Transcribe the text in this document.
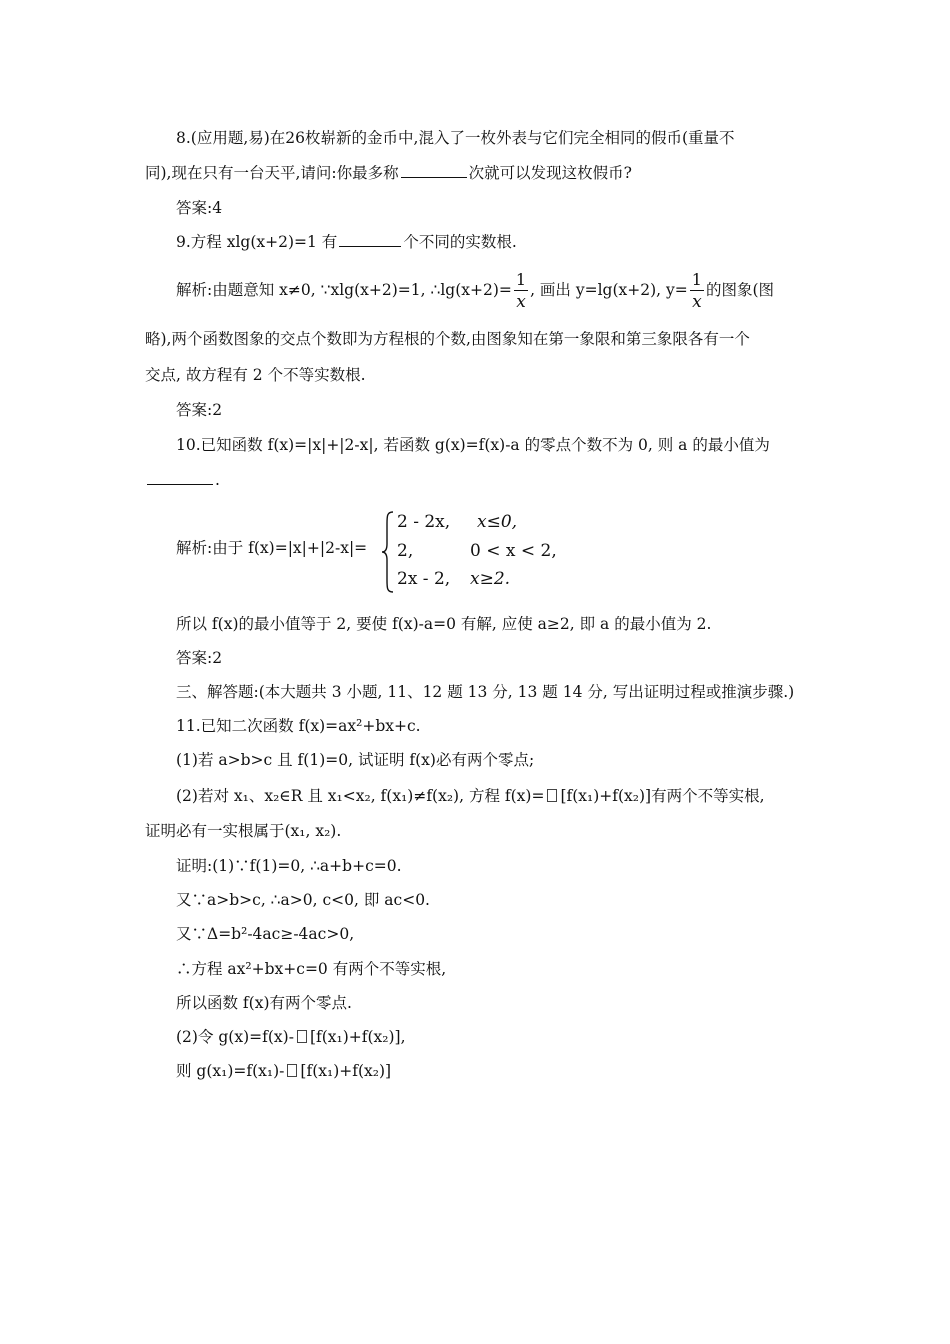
8.(应用题,易)在26枚崭新的金币中,混入了一枚外表与它们完全相同的假币(重量不
同),现在只有一台天平,请问:你最多称	次就可以发现这枚假币?
答案:4
9.方程 xlg(x+2)=1 有	个不同的实数根.
解析:由题意知 x≠0, ∵xlg(x+2)=1, ∴lg(x+2)= $\frac{1}{x}$ , 画出 y=lg(x+2), $y= \frac{1}{x}$ 的图象(图
略),两个函数图象的交点个数即为方程根的个数,由图象知在第一象限和第三象限各有一个
交点, 故方程有 2 个不等实数根.
答案:2
10.已知函数 f(x)=|x|+|2-x|, 若函数 g(x)=f(x)-a 的零点个数不为 0, 则 a 的最小值为
.
解析:由于 f(x)=|x|+|2-x|=
2 - 2x, x≤0,
2,	0 < x < 2,
2x - 2, x≥2.
所以 f(x)的最小值等于 2, 要使 f(x)-a=0 有解, 应使 a≥2, 即 a 的最小值为 2.
答案:2
三、解答题:(本大题共 3 小题, 11、12 题 13 分, 13 题 14 分, 写出证明过程或推演步骤.)
11.已知二次函数 f(x)=ax²+bx+c.
(1)若 a>b>c 且 f(1)=0, 试证明 f(x)必有两个零点;
(2)若对 x₁、x₂∈R 且 x₁<x₂, f(x₁)≠f(x₂), 方程 f(x)= [f(x₁)+f(x₂)]有两个不等实根,
证明必有一实根属于(x₁, x₂).
证明:(1)∵f(1)=0, ∴a+b+c=0.
又∵a>b>c, ∴a>0, c<0, 即 ac<0.
又∵Δ=b²-4ac≥-4ac>0,
∴方程 ax²+bx+c=0 有两个不等实根,
所以函数 f(x)有两个零点.
(2)令 g(x)=f(x)- [f(x₁)+f(x₂)],
则 g(x₁)=f(x₁)- [f(x₁)+f(x₂)]
